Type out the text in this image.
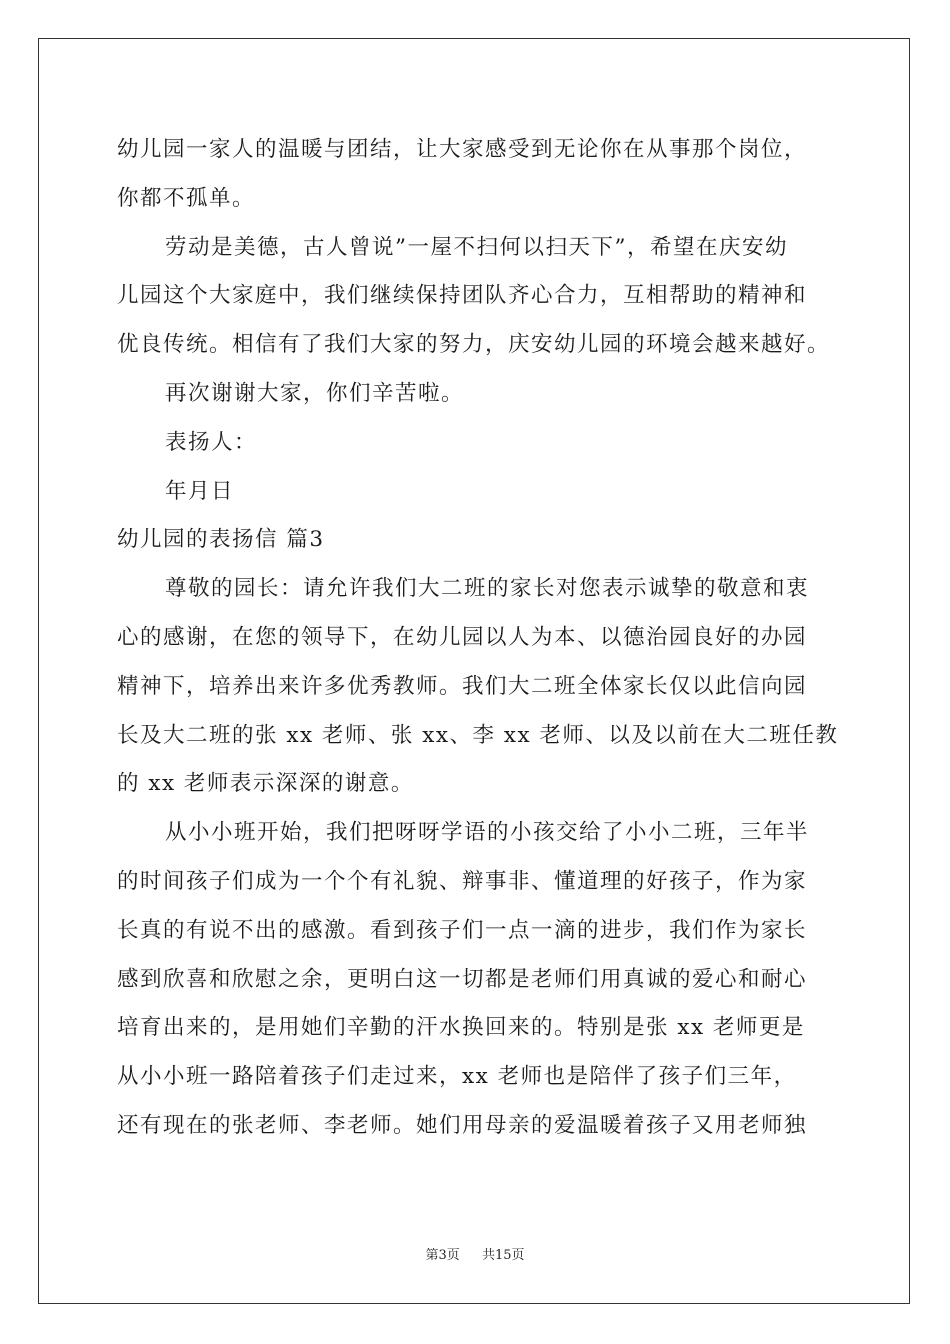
幼儿园一家人的温暖与团结，让大家感受到无论你在从事那个岗位，
你都不孤单。
劳动是美德，古人曾说”一屋不扫何以扫天下”，希望在庆安幼
儿园这个大家庭中，我们继续保持团队齐心合力，互相帮助的精神和
优良传统。相信有了我们大家的努力，庆安幼儿园的环境会越来越好。
再次谢谢大家，你们辛苦啦。
表扬人：
年月日
幼儿园的表扬信 篇3
尊敬的园长：请允许我们大二班的家长对您表示诚挚的敬意和衷
心的感谢，在您的领导下，在幼儿园以人为本、以德治园良好的办园
精神下，培养出来许多优秀教师。我们大二班全体家长仅以此信向园
长及大二班的张 xx 老师、张 xx、李 xx 老师、以及以前在大二班任教
的 xx 老师表示深深的谢意。
从小小班开始，我们把呀呀学语的小孩交给了小小二班，三年半
的时间孩子们成为一个个有礼貌、辩事非、懂道理的好孩子，作为家
长真的有说不出的感激。看到孩子们一点一滴的进步，我们作为家长
感到欣喜和欣慰之余，更明白这一切都是老师们用真诚的爱心和耐心
培育出来的，是用她们辛勤的汗水换回来的。特别是张 xx 老师更是
从小小班一路陪着孩子们走过来，xx 老师也是陪伴了孩子们三年，
还有现在的张老师、李老师。她们用母亲的爱温暖着孩子又用老师独
第3页 共15页
